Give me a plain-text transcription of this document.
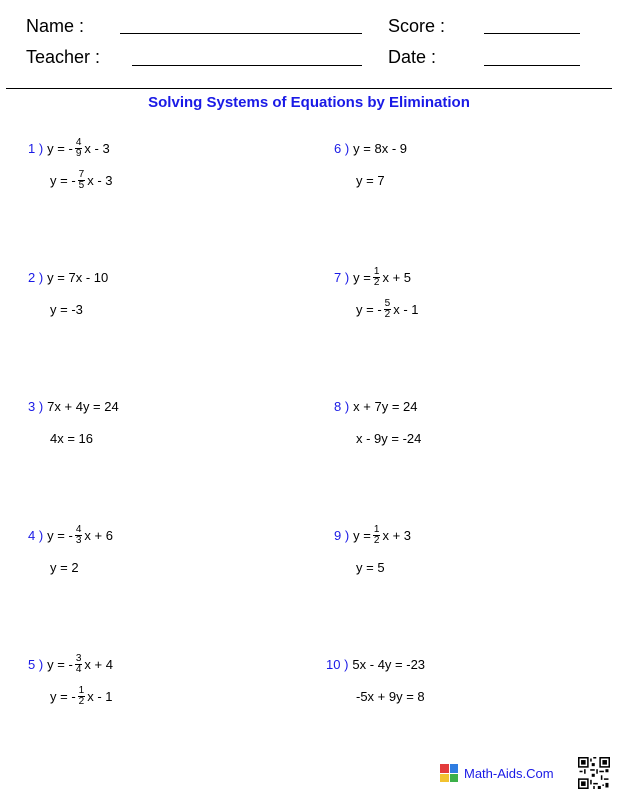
Name :	Score :
Teacher :	Date :
Solving Systems of Equations by Elimination
1 ) y = - $\frac{4}{9}$ x - 3
y = - $\frac{7}{5}$ x - 3
2 ) y = 7x - 10
y = -3
3 ) 7x + 4y = 24
4x = 16
4 ) y = - $\frac{4}{3}$ x + 6
y = 2
5 ) y = - $\frac{3}{4}$ x + 4
y = - $\frac{1}{2}$ x - 1
6 ) y = 8x - 9
y = 7
7 ) $y = \frac{1}{2}$ x + 5
y = - $\frac{5}{2}$ x - 1
8 ) x + 7y = 24
x - 9y = -24
9 ) $y = \frac{1}{2}$ x + 3
y = 5
10 ) 5x - 4y = -23
-5x + 9y = 8
Math-Aids.Com
